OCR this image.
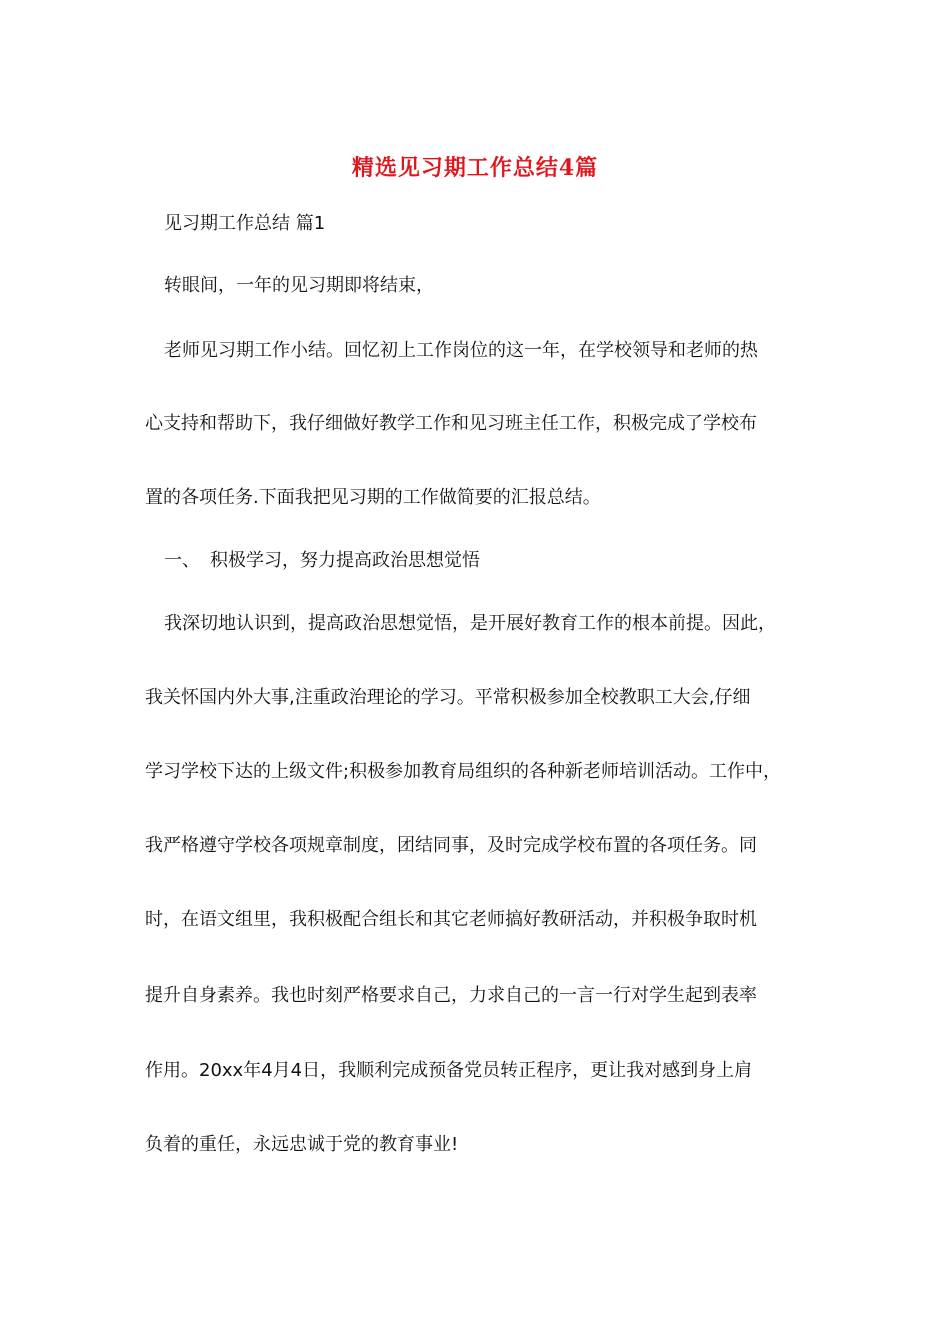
精选见习期工作总结4篇
见习期工作总结 篇1
转眼间，一年的见习期即将结束，
老师见习期工作小结。回忆初上工作岗位的这一年，在学校领导和老师的热
心支持和帮助下，我仔细做好教学工作和见习班主任工作，积极完成了学校布
置的各项任务.下面我把见习期的工作做简要的汇报总结。
一、 积极学习，努力提高政治思想觉悟
我深切地认识到，提高政治思想觉悟，是开展好教育工作的根本前提。因此，
我关怀国内外大事,注重政治理论的学习。平常积极参加全校教职工大会,仔细
学习学校下达的上级文件;积极参加教育局组织的各种新老师培训活动。工作中，
我严格遵守学校各项规章制度，团结同事，及时完成学校布置的各项任务。同
时，在语文组里，我积极配合组长和其它老师搞好教研活动，并积极争取时机
提升自身素养。我也时刻严格要求自己，力求自己的一言一行对学生起到表率
作用。20xx年4月4日，我顺利完成预备党员转正程序，更让我对感到身上肩
负着的重任，永远忠诚于党的教育事业!
